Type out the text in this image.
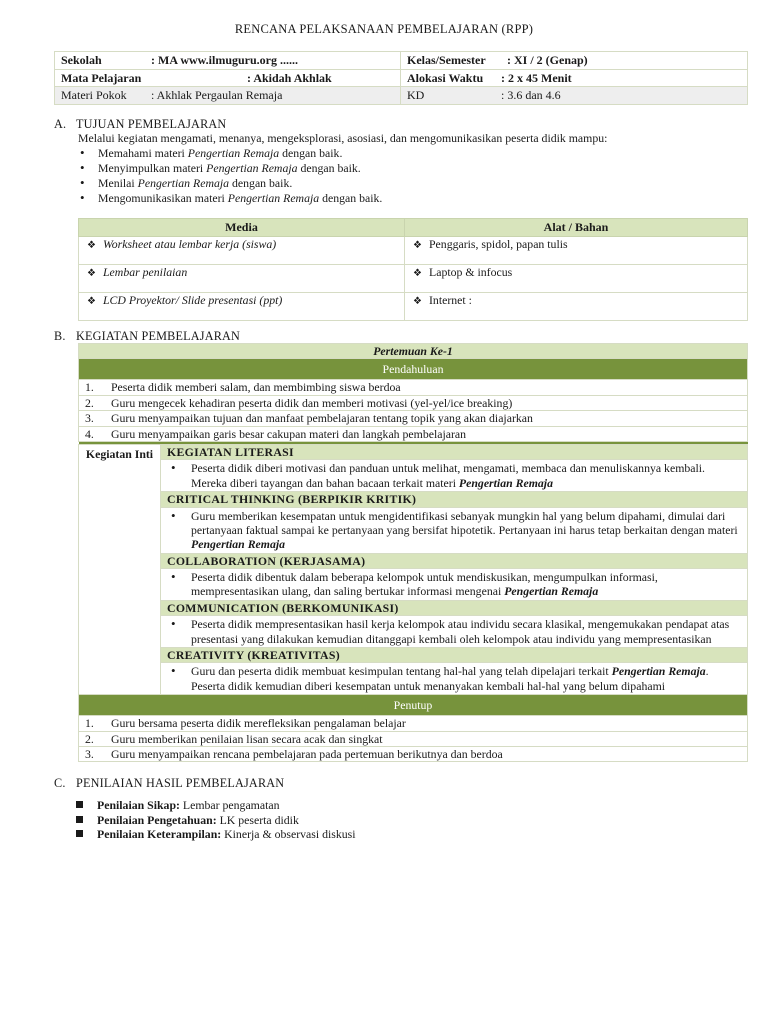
RENCANA PELAKSANAAN PEMBELAJARAN (RPP)
Sekolah : MA www.ilmuguru.org ......	Kelas/Semester : XI / 2 (Genap)
Mata Pelajaran : Akidah Akhlak	Alokasi Waktu : 2 x 45 Menit
Materi Pokok : Akhlak Pergaulan Remaja	KD : 3.6 dan 4.6
A. TUJUAN PEMBELAJARAN
Melalui kegiatan mengamati, menanya, mengeksplorasi, asosiasi, dan mengomunikasikan peserta didik mampu:
• Memahami materi Pengertian Remaja dengan baik.
• Menyimpulkan materi Pengertian Remaja dengan baik.
• Menilai Pengertian Remaja dengan baik.
• Mengomunikasikan materi Pengertian Remaja dengan baik.
Media	Alat / Bahan
❖ Worksheet atau lembar kerja (siswa)	❖ Penggaris, spidol, papan tulis
❖ Lembar penilaian	❖ Laptop & infocus
❖ LCD Proyektor/ Slide presentasi (ppt)	❖ Internet :
B. KEGIATAN PEMBELAJARAN
Pertemuan Ke-1
Pendahuluan
1. Peserta didik memberi salam, dan membimbing siswa berdoa
2. Guru mengecek kehadiran peserta didik dan memberi motivasi (yel-yel/ice breaking)
3. Guru menyampaikan tujuan dan manfaat pembelajaran tentang topik yang akan diajarkan
4. Guru menyampaikan garis besar cakupan materi dan langkah pembelajaran

Kegiatan Inti	KEGIATAN LITERASI
• Peserta didik diberi motivasi dan panduan untuk melihat, mengamati, membaca dan menuliskannya kembali. Mereka diberi tayangan dan bahan bacaan terkait materi Pengertian Remaja
CRITICAL THINKING (BERPIKIR KRITIK)
• Guru memberikan kesempatan untuk mengidentifikasi sebanyak mungkin hal yang belum dipahami, dimulai dari pertanyaan faktual sampai ke pertanyaan yang bersifat hipotetik. Pertanyaan ini harus tetap berkaitan dengan materi Pengertian Remaja
COLLABORATION (KERJASAMA)
• Peserta didik dibentuk dalam beberapa kelompok untuk mendiskusikan, mengumpulkan informasi, mempresentasikan ulang, dan saling bertukar informasi mengenai Pengertian Remaja
COMMUNICATION (BERKOMUNIKASI)
• Peserta didik mempresentasikan hasil kerja kelompok atau individu secara klasikal, mengemukakan pendapat atas presentasi yang dilakukan kemudian ditanggapi kembali oleh kelompok atau individu yang mempresentasikan
CREATIVITY (KREATIVITAS)
• Guru dan peserta didik membuat kesimpulan tentang hal-hal yang telah dipelajari terkait Pengertian Remaja. Peserta didik kemudian diberi kesempatan untuk menanyakan kembali hal-hal yang belum dipahami
Penutup
1. Guru bersama peserta didik merefleksikan pengalaman belajar
2. Guru memberikan penilaian lisan secara acak dan singkat
3. Guru menyampaikan rencana pembelajaran pada pertemuan berikutnya dan berdoa
C. PENILAIAN HASIL PEMBELAJARAN
Penilaian Sikap: Lembar pengamatan
Penilaian Pengetahuan: LK peserta didik
Penilaian Keterampilan: Kinerja & observasi diskusi
